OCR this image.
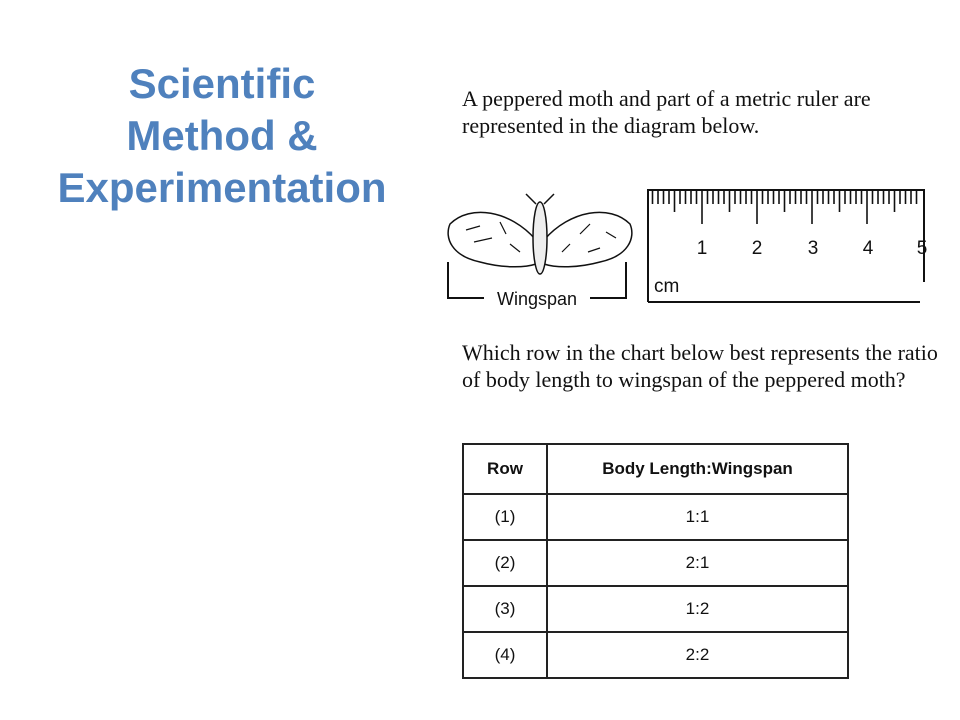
Scientific
Method &
Experimentation

A peppered moth and part of a metric ruler are represented in the diagram below.

Wingspan
1 2 3 4 5
cm

Which row in the chart below best represents the ratio of body length to wingspan of the peppered moth?

Row	Body Length:Wingspan
(1)	1:1
(2)	2:1
(3)	1:2
(4)	2:2
